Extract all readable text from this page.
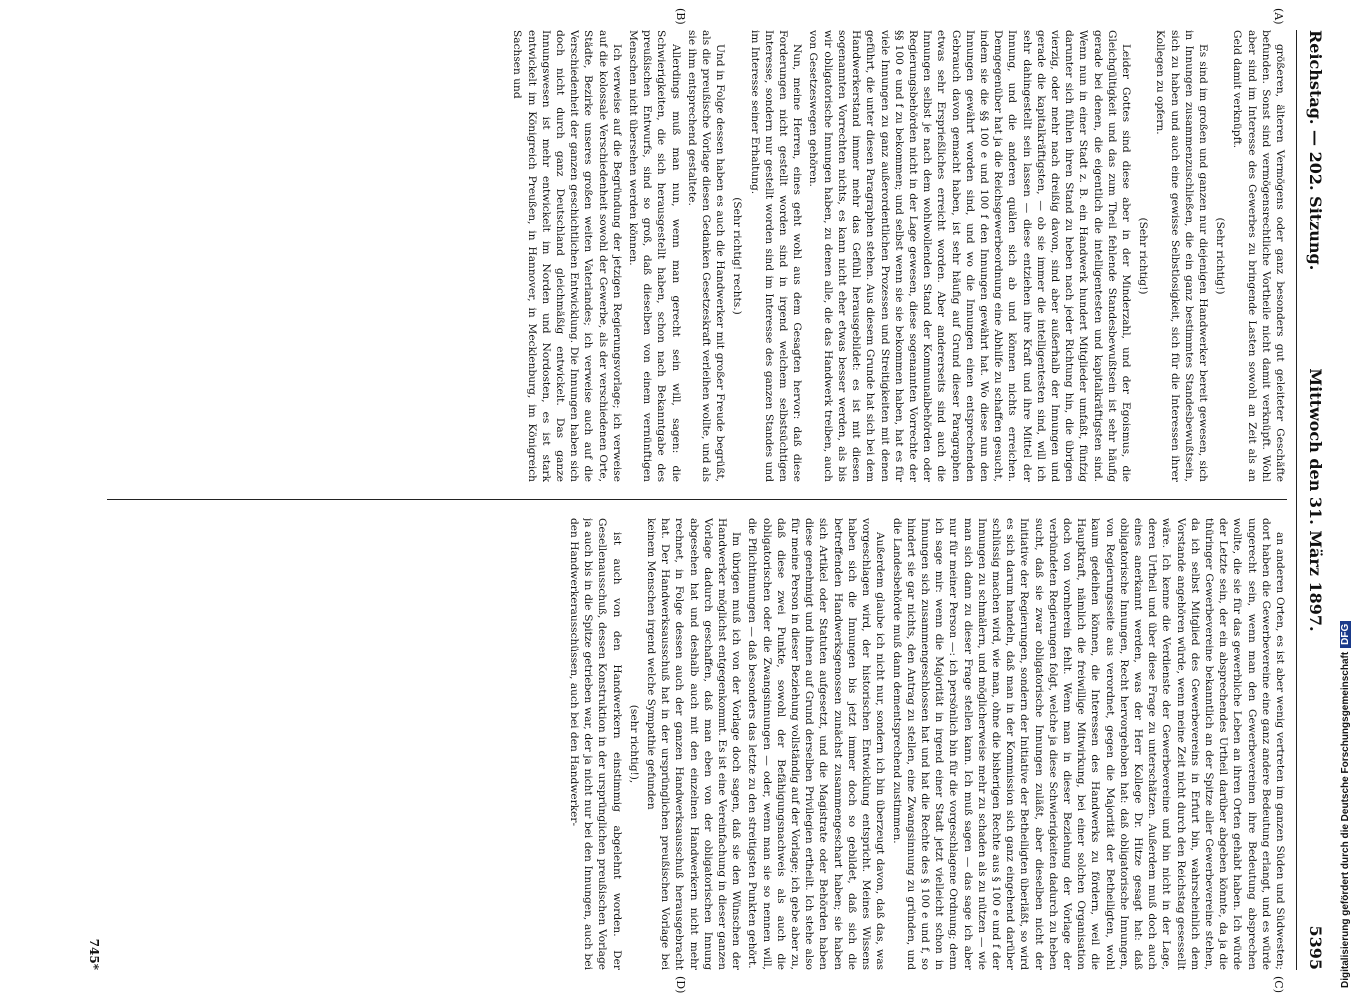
Reichstag. — 202. Sitzung.
Mittwoch den 31. März 1897.
5395

größeren, älteren Vermögens oder ganz besonders gut geleiteter Geschäfte befunden. Sonst sind vermögensrechtliche Vortheile nicht damit verknüpft. Wohl aber sind im Interesse des Gewerbes zu bringende Lasten sowohl an Zeit als an Geld damit verknüpft.

(Sehr richtig!)

Es sind im großen und ganzen nur diejenigen Handwerker bereit gewesen, sich in Innungen zusammenzuschließen, die ein ganz bestimmtes Standesbewußtsein, sich zu haben und auch eine gewisse Selbstlosigkeit, sich für die Interessen ihrer Kollegen zu opfern.

(Sehr richtig!)

Leider Gottes sind diese aber in der Minderzahl, und der Egoismus, die Gleichgültigkeit und das zum Theil fehlende Standesbewußtsein ist sehr häufig gerade bei denen, die eigentlich die intelligentesten und kapitalkräftigsten sind. Wenn nun in einer Stadt z. B. ein Handwerk hundert Mitglieder umfaßt, fünfzig darunter sich fühlen ihren Stand zu heben nach jeder Richtung hin, die übrigen vierzig, oder mehr nach dreißig davon, sind aber außerhalb der Innungen und gerade die kapitalkräftigsten, — ob sie immer die intelligentesten sind, will ich sehr dahingestellt sein lassen — diese entziehen ihre Kraft und ihre Mittel der Innung, und die anderen quälen sich ab und können nichts erreichen. Demgegenüber hat ja die Reichsgewerbeordnung eine Abhilfe zu schaffen gesucht, indem sie die §§ 100 e und 100 f den Innungen gewährt hat. Wo diese nun den Innungen gewährt worden sind, und wo die Innungen einen entsprechenden Gebrauch davon gemacht haben, ist sehr häufig auf Grund dieser Paragraphen etwas sehr Ersprießliches erreicht worden. Aber andererseits sind auch die Innungen selbst je nach dem wohlwollenden Stand der Kommunalbehörden oder Regierungsbehörden nicht in der Lage gewesen, diese sogenannten Vorrechte der §§ 100 e und f zu bekommen; und selbst wenn sie sie bekommen haben, hat es für viele Innungen zu ganz außerordentlichen Prozessen und Streitigkeiten mit denen geführt, die unter diesen Paragraphen stehen. Aus diesem Grunde hat sich bei dem Handwerkerstand immer mehr das Gefühl herausgebildet: es ist mit diesen sogenannten Vorrechten nichts, es kann nicht eher etwas besser werden, als bis wir obligatorische Innungen haben, zu denen alle, die das Handwerk treiben, auch von Gesetzeswegen gehören.

Nun, meine Herren, eines geht wohl aus dem Gesagten hervor: daß diese Forderungen nicht gestellt worden sind in irgend welchem selbstsüchtigen Interesse, sondern nur gestellt worden sind im Interesse des ganzen Standes und im Interesse seiner Erhaltung.

(Sehr richtig! rechts.)

Und in Folge dessen haben es auch die Handwerker mit großer Freude begrüßt, als die preußische Vorlage diesen Gedanken Gesetzeskraft verleihen wollte, und als sie ihm entsprechend gestaltete.

Allerdings muß man nun, wenn man gerecht sein will, sagen: die Schwierigkeiten, die sich herausgestellt haben, schon nach Bekanntgabe des preußischen Entwurfs, sind so groß, daß dieselben von einem vernünftigen Menschen nicht übersehen werden können.

Ich verweise auf die Begründung der jetzigen Regierungsvorlage; ich verweise auf die kolossale Verschiedenheit sowohl der Gewerbe, als der verschiedenen Orte, Städte, Bezirke unseres großen weiten Vaterlandes; ich verweise auch auf die Verschiedenheit der ganzen geschichtlichen Entwicklung. Die Innungen haben sich doch nicht durch ganz Deutschland gleichmäßig entwickelt. Das ganze Innungswesen ist mehr entwickelt im Norden und Nordosten, es ist stark entwickelt im Königreich Preußen, in Hannover, in Mecklenburg, im Königreich Sachsen und

an anderen Orten, es ist aber wenig vertreten im ganzen Süden und Südwesten; dort haben die Gewerbevereine eine ganz andere Bedeutung erlangt, und es würde ungerecht sein, wenn man den Gewerbevereinen ihre Bedeutung absprechen wollte, die sie für das gewerbliche Leben an ihren Orten gehabt haben. Ich würde der Letzte sein, der ein absprechendes Urtheil darüber abgeben könnte, da ja die thüringer Gewerbevereine bekanntlich an der Spitze aller Gewerbevereine stehen, da ich selbst Mitglied des Gewerbevereins in Erfurt bin, wahrscheinlich dem Vorstande angehören würde, wenn meine Zeit nicht durch den Reichstag gesessellt wäre. Ich kenne die Verdienste der Gewerbevereine und bin nicht in der Lage, deren Urtheil und über diese Frage zu unterschätzen. Außerdem muß doch auch eines anerkannt werden, was der Herr Kollege Dr. Hitze gesagt hat: daß obligatorische Innungen, Recht hervorgehoben hat: daß obligatorische Innungen, von Regierungsseite aus verordnet, gegen die Majorität der Betheiligten, wohl kaum gedeihen können, die Interessen des Handwerks zu fördern, weil die Hauptkraft, nämlich die freiwillige Mitwirkung, bei einer solchen Organisation doch von vornherein fehlt. Wenn man in dieser Beziehung der Vorlage der verbündeten Regierungen folgt, welche ja diese Schwierigkeiten dadurch zu heben sucht, daß sie zwar obligatorische Innungen zuläßt, aber dieselben nicht der Initiative der Regierungen, sondern der Initiative der Betheiligten überläßt, so wird es sich darum handeln, daß man in der Kommission sich ganz eingehend darüber schlüssig machen wird, wie man, ohne die bisherigen Rechte aus § 100 e und f der Innungen zu schmälern, und möglicherweise mehr zu schaden als zu nützen — wie man sich dann zu dieser Frage stellen kann. Ich muß sagen — das sage ich aber nur für meiner Person —: ich persönlich bin für die vorgeschlagene Ordnung; denn ich sage mir: wenn die Majorität in irgend einer Stadt jetzt vielleicht schon in Innungen sich zusammengeschlossen hat und hat die Rechte des § 100 e und f, so hindert sie gar nichts, den Antrag zu stellen, eine Zwangsinnung zu gründen, und die Landesbehörde muß dann dementsprechend zustimmen.

Außerdem glaube ich nicht nur, sondern ich bin überzeugt davon, daß das, was vorgeschlagen wird, der historischen Entwicklung entspricht. Meines Wissens haben sich die Innungen bis jetzt immer doch so gebildet, daß sich die betreffenden Handwerksgenossen zunächst zusammengeschart haben; sie haben sich Artikel oder Statuten aufgesetzt, und die Magistrate oder Behörden haben diese genehmigt und ihnen auf Grund derselben Privilegien ertheilt. Ich stehe also für meine Person in dieser Beziehung vollständig auf der Vorlage; ich gebe aber zu, daß diese zwei Punkte, sowohl der Befähigungsnachweis als auch die obligatorischen oder die Zwangsinnungen — oder, wenn man sie so nennen will, die Pflichtinnungen — daß besonders das letzte zu den streitigsten Punkten gehört.

Im übrigen muß ich von der Vorlage doch sagen, daß sie den Wünschen der Handwerker möglichst entgegenkommt. Es ist eine Vereinfachung in dieser ganzen Vorlage dadurch geschaffen, daß man eben von der obligatorischen Innung abgesehen hat und deshalb auch mit den einzelnen Handwerkern nicht mehr rechnet, in Folge dessen auch der ganzen Handwerksausschuß herausgebracht hat. Der Handwerksausschuß hat in der ursprünglichen preußischen Vorlage bei keinem Menschen irgend welche Sympathie gefunden

(sehr richtig!),

ist auch von den Handwerkern einstimmig abgelehnt worden. Der Gesellenausschuß, dessen Konstruktion in der ursprünglichen preußischen Vorlage ja auch bis in die Spitze getrieben war, der ja nicht nur bei den Innungen, auch bei den Handwerkerausschüssen, auch bei den Handwerker-

(A)
(B)
(C)
(D)
745*	Digitalisierung gefördert durch die Deutsche ForschungsgemeinschaftDFG
